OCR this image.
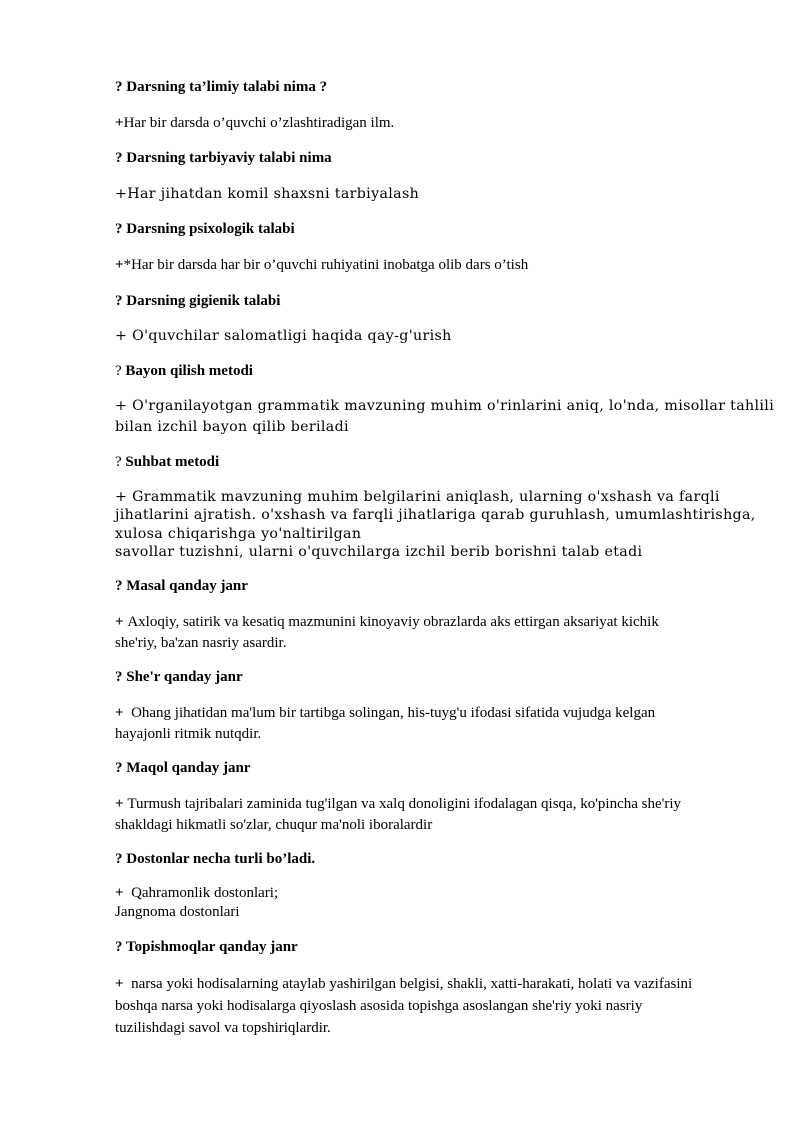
? Darsning ta’limiy talabi nima ?
+Har bir darsda o’quvchi o’zlashtiradigan ilm.
? Darsning tarbiyaviy talabi nima
+Har jihatdan komil shaxsni tarbiyalash
? Darsning psixologik talabi
+*Har bir darsda har bir o’quvchi ruhiyatini inobatga olib dars o’tish
? Darsning gigienik talabi
+ O'quvchilar salomatligi haqida qay-g'urish
? Bayon qilish metodi
+ O'rganilayotgan grammatik mavzuning muhim o'rinlarini aniq, lo'nda, misollar tahlili
bilan izchil bayon qilib beriladi
? Suhbat metodi
+ Grammatik mavzuning muhim belgilarini aniqlash, ularning o'xshash va farqli
jihatlarini ajratish. o'xshash va farqli jihatlariga qarab guruhlash, umumlashtirishga,
xulosa chiqarishga yo'naltirilgan
savollar tuzishni, ularni o'quvchilarga izchil berib borishni talab etadi
? Masal qanday janr
+ Axloqiy, satirik va kesatiq mazmunini kinoyaviy obrazlarda aks ettirgan aksariyat kichik
she'riy, ba'zan nasriy asardir.
? She'r qanday janr
+  Ohang jihatidan ma'lum bir tartibga solingan, his-tuyg'u ifodasi sifatida vujudga kelgan
hayajonli ritmik nutqdir.
? Maqol qanday janr
+ Turmush tajribalari zaminida tug'ilgan va xalq donoligini ifodalagan qisqa, ko'pincha she'riy
shakldagi hikmatli so'zlar, chuqur ma'noli iboralardir
? Dostonlar necha turli bo’ladi.
+  Qahramonlik dostonlari;
Jangnoma dostonlari
? Topishmoqlar qanday janr
+  narsa yoki hodisalarning ataylab yashirilgan belgisi, shakli, xatti-harakati, holati va vazifasini
boshqa narsa yoki hodisalarga qiyoslash asosida topishga asoslangan she'riy yoki nasriy
tuzilishdagi savol va topshiriqlardir.
